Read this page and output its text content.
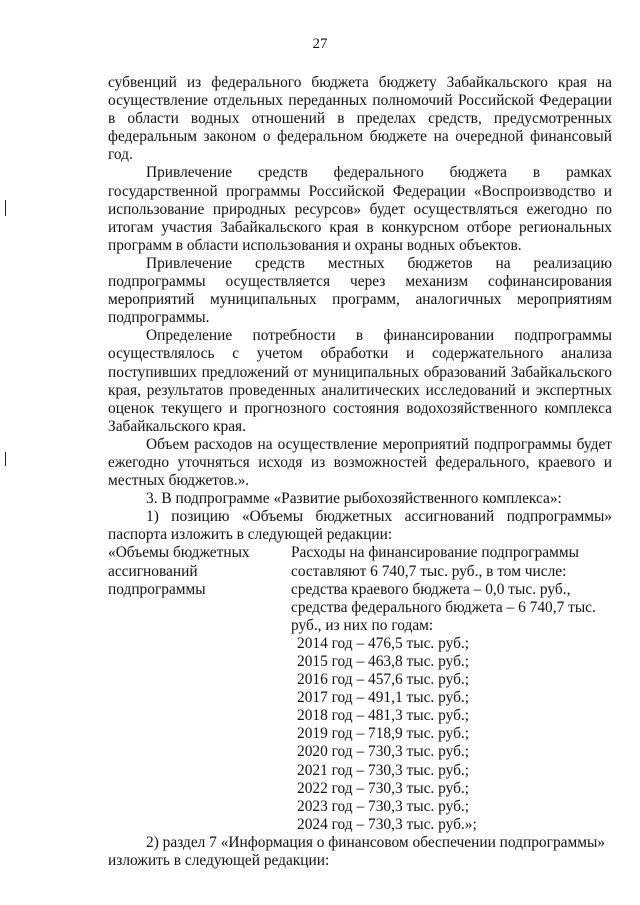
27

субвенций из федерального бюджета бюджету Забайкальского края на осуществление отдельных переданных полномочий Российской Федерации в области водных отношений в пределах средств, предусмотренных федеральным законом о федеральном бюджете на очередной финансовый год.

Привлечение средств федерального бюджета в рамках государственной программы Российской Федерации «Воспроизводство и использование природных ресурсов» будет осуществляться ежегодно по итогам участия Забайкальского края в конкурсном отборе региональных программ в области использования и охраны водных объектов.

Привлечение средств местных бюджетов на реализацию подпрограммы осуществляется через механизм софинансирования мероприятий муниципальных программ, аналогичных мероприятиям подпрограммы.

Определение потребности в финансировании подпрограммы осуществлялось с учетом обработки и содержательного анализа поступивших предложений от муниципальных образований Забайкальского края, результатов проведенных аналитических исследований и экспертных оценок текущего и прогнозного состояния водохозяйственного комплекса Забайкальского края.

Объем расходов на осуществление мероприятий подпрограммы будет ежегодно уточняться исходя из возможностей федерального, краевого и местных бюджетов.».

3. В подпрограмме «Развитие рыбохозяйственного комплекса»:

1) позицию «Объемы бюджетных ассигнований подпрограммы» паспорта изложить в следующей редакции:

«Объемы бюджетных
ассигнований
подпрограммы
Расходы на финансирование подпрограммы составляют 6 740,7 тыс. руб., в том числе:
средства краевого бюджета – 0,0 тыс. руб.,
средства федерального бюджета – 6 740,7 тыс. руб., из них по годам:
2014 год – 476,5 тыс. руб.;
2015 год – 463,8 тыс. руб.;
2016 год – 457,6 тыс. руб.;
2017 год – 491,1 тыс. руб.;
2018 год – 481,3 тыс. руб.;
2019 год – 718,9 тыс. руб.;
2020 год – 730,3 тыс. руб.;
2021 год – 730,3 тыс. руб.;
2022 год – 730,3 тыс. руб.;
2023 год – 730,3 тыс. руб.;
2024 год – 730,3 тыс. руб.»;

2) раздел 7 «Информация о финансовом обеспечении подпрограммы»

изложить в следующей редакции:
